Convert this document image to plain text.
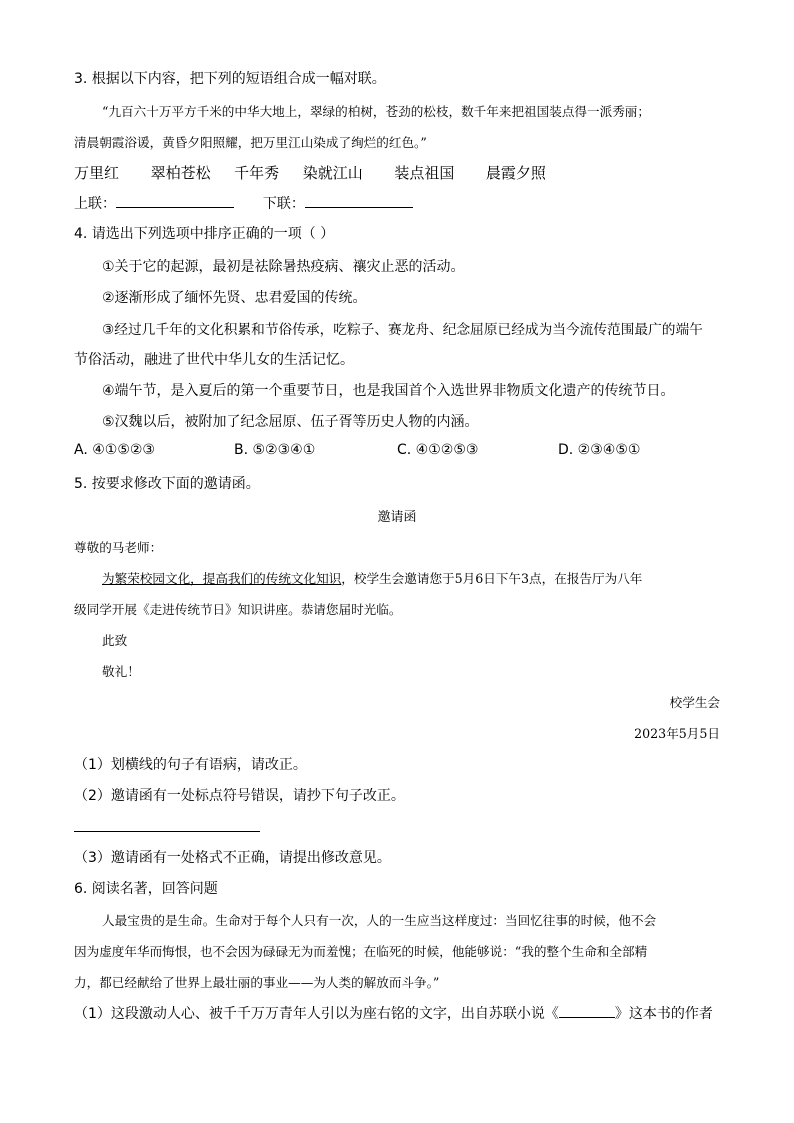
3. 根据以下内容，把下列的短语组合成一幅对联。
“九百六十万平方千米的中华大地上，翠绿的柏树，苍劲的松枝，数千年来把祖国装点得一派秀丽；
清晨朝霞浴谖，黄昏夕阳照耀，把万里江山染成了绚烂的红色。”
万里红 翠柏苍松 千年秀 染就江山 装点祖国 晨霞夕照
上联：	下联：
4. 请选出下列选项中排序正确的一项（ ）
①关于它的起源，最初是祛除暑热疫病、禳灾止恶的活动。
②逐渐形成了缅怀先贤、忠君爱国的传统。
③经过几千年的文化积累和节俗传承，吃粽子、赛龙舟、纪念屈原已经成为当今流传范围最广的端午
节俗活动，融进了世代中华儿女的生活记忆。
④端午节，是入夏后的第一个重要节日，也是我国首个入选世界非物质文化遗产的传统节日。
⑤汉魏以后，被附加了纪念屈原、伍子胥等历史人物的内涵。
A. ④①⑤②③	B. ⑤②③④①	C. ④①②⑤③	D. ②③④⑤①
5. 按要求修改下面的邀请函。
邀请函
尊敬的马老师：
为繁荣校园文化，提高我们的传统文化知识，校学生会邀请您于5月6日下午3点，在报告厅为八年
级同学开展《走进传统节日》知识讲座。恭请您届时光临。
此致
敬礼！
校学生会
2023年5月5日
（1）划横线的句子有语病，请改正。
（2）邀请函有一处标点符号错误，请抄下句子改正。
（3）邀请函有一处格式不正确，请提出修改意见。
6. 阅读名著，回答问题
人最宝贵的是生命。生命对于每个人只有一次，人的一生应当这样度过：当回忆往事的时候，他不会
因为虚度年华而悔恨，也不会因为碌碌无为而羞愧；在临死的时候，他能够说：“我的整个生命和全部精
力，都已经献给了世界上最壮丽的事业——为人类的解放而斗争。”
（1）这段激动人心、被千千万万青年人引以为座右铭的文字，出自苏联小说《	》这本书的作者
